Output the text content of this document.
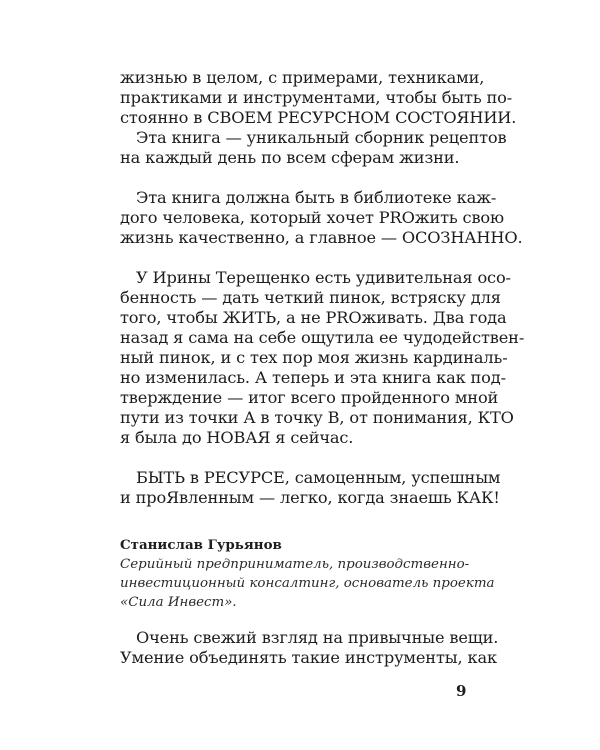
жизнью в целом, с примерами, техниками,
практиками и инструментами, чтобы быть по-
стоянно в СВОЕМ РЕСУРСНОМ СОСТОЯНИИ.
Эта книга — уникальный сборник рецептов
на каждый день по всем сферам жизни.
Эта книга должна быть в библиотеке каж-
дого человека, который хочет PROжить свою
жизнь качественно, а главное — ОСОЗНАННО.
У Ирины Терещенко есть удивительная осо-
бенность — дать четкий пинок, встряску для
того, чтобы ЖИТЬ, а не PROживать. Два года
назад я сама на себе ощутила ее чудодействен-
ный пинок, и с тех пор моя жизнь кардиналь-
но изменилась. А теперь и эта книга как под-
тверждение — итог всего пройденного мной
пути из точки А в точку В, от понимания, КТО
я была до НОВАЯ я сейчас.
БЫТЬ в РЕСУРСЕ, самоценным, успешным
и проЯвленным — легко, когда знаешь КАК!
Станислав Гурьянов
Серийный предприниматель, производственно-
инвестиционный консалтинг, основатель проекта
«Сила Инвест».
Очень свежий взгляд на привычные вещи.
Умение объединять такие инструменты, как
9
